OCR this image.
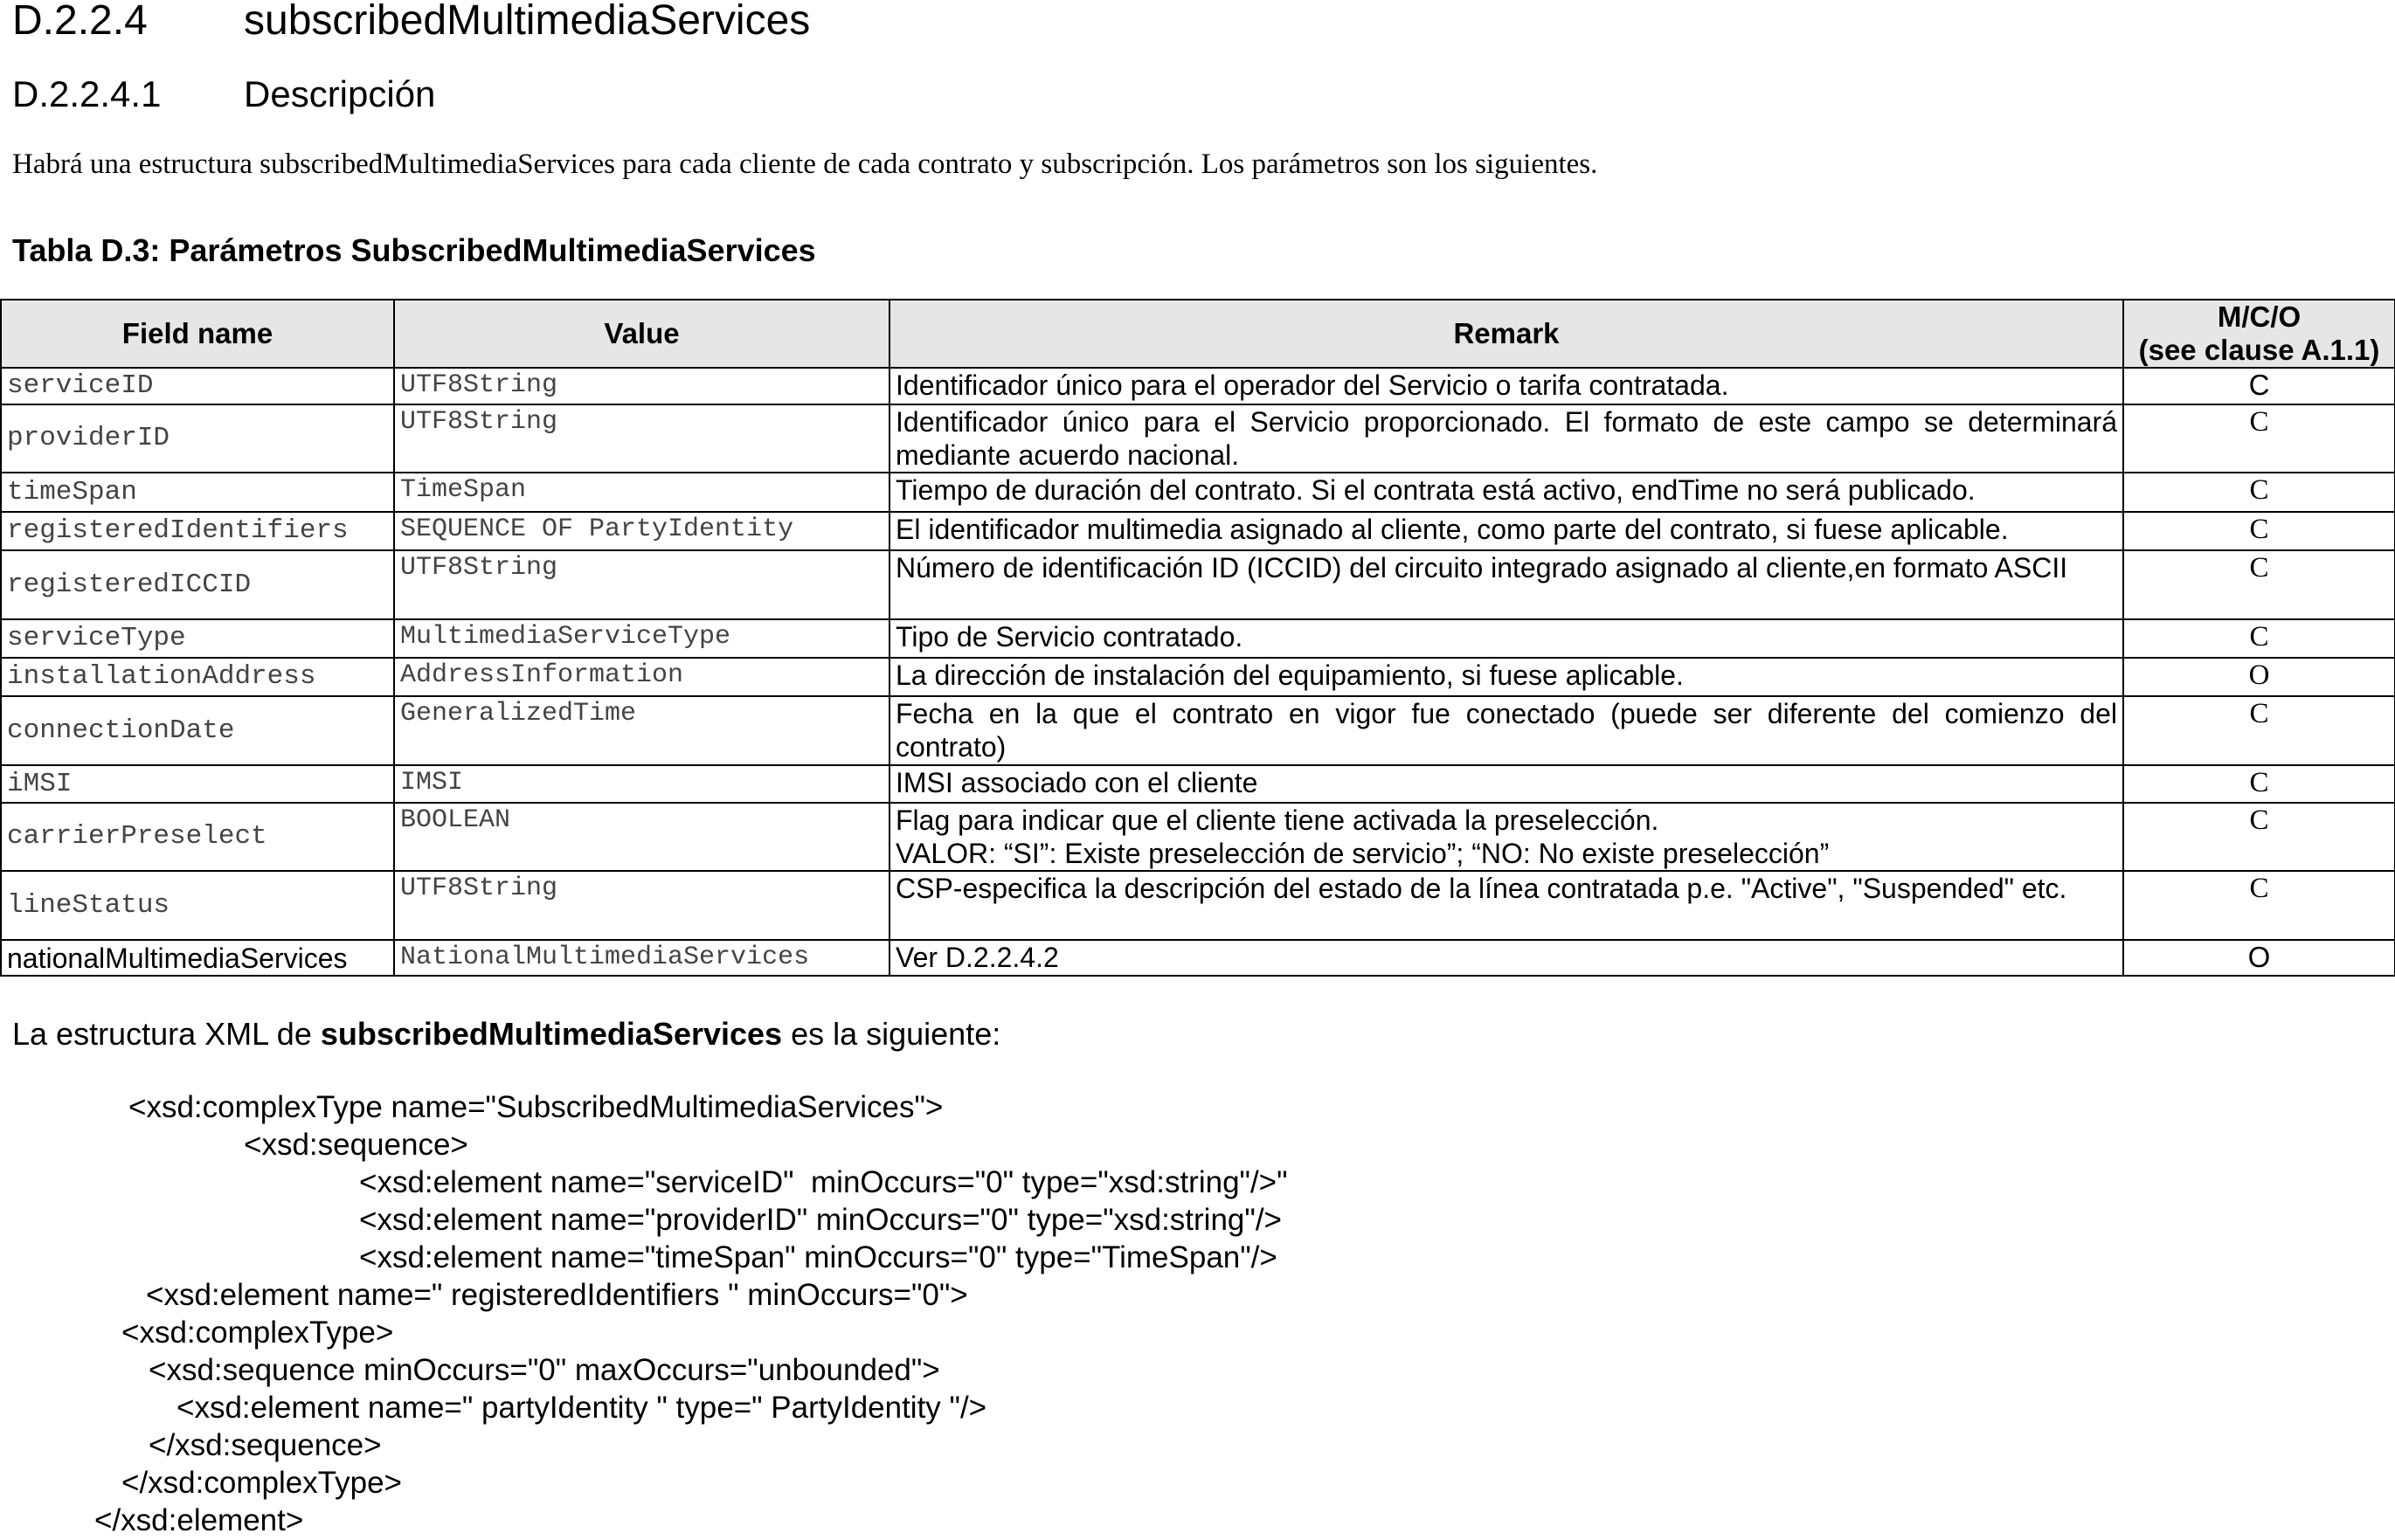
D.2.2.4 subscribedMultimediaServices
D.2.2.4.1 Descripción
Habrá una estructura subscribedMultimediaServices para cada cliente de cada contrato y subscripción. Los parámetros son los siguientes.
Tabla D.3: Parámetros SubscribedMultimediaServices
Field name	Value	Remark	M/C/O
(see clause A.1.1)
serviceID	UTF8String	Identificador único para el operador del Servicio o tarifa contratada.	C
providerID	UTF8String	Identificador único para el Servicio proporcionado. El formato de este campo se determinará mediante acuerdo nacional.	C
timeSpan	TimeSpan	Tiempo de duración del contrato. Si el contrata está activo, endTime no será publicado.	C
registeredIdentifiers	SEQUENCE OF PartyIdentity	El identificador multimedia asignado al cliente, como parte del contrato, si fuese aplicable.	C
registeredICCID	UTF8String	Número de identificación ID (ICCID) del circuito integrado asignado al cliente,en formato ASCII	C
serviceType	MultimediaServiceType	Tipo de Servicio contratado.	C
installationAddress	AddressInformation	La dirección de instalación del equipamiento, si fuese aplicable.	O
connectionDate	GeneralizedTime	Fecha en la que el contrato en vigor fue conectado (puede ser diferente del comienzo del contrato)	C
iMSI	IMSI	IMSI associado con el cliente	C
carrierPreselect	BOOLEAN	Flag para indicar que el cliente tiene activada la preselección.
VALOR: “SI”: Existe preselección de servicio”; “NO: No existe preselección”	C
lineStatus	UTF8String	CSP-especifica la descripción del estado de la línea contratada p.e. "Active", "Suspended" etc.	C
nationalMultimediaServices	NationalMultimediaServices	Ver D.2.2.4.2	O
La estructura XML de subscribedMultimediaServices es la siguiente:
<xsd:complexType name="SubscribedMultimediaServices">
<xsd:sequence>
<xsd:element name="serviceID"  minOccurs="0" type="xsd:string"/>"
<xsd:element name="providerID" minOccurs="0" type="xsd:string"/>
<xsd:element name="timeSpan" minOccurs="0" type="TimeSpan"/>
<xsd:element name=" registeredIdentifiers " minOccurs="0">
<xsd:complexType>
<xsd:sequence minOccurs="0" maxOccurs="unbounded">
<xsd:element name=" partyIdentity " type=" PartyIdentity "/>
</xsd:sequence>
</xsd:complexType>
</xsd:element>
